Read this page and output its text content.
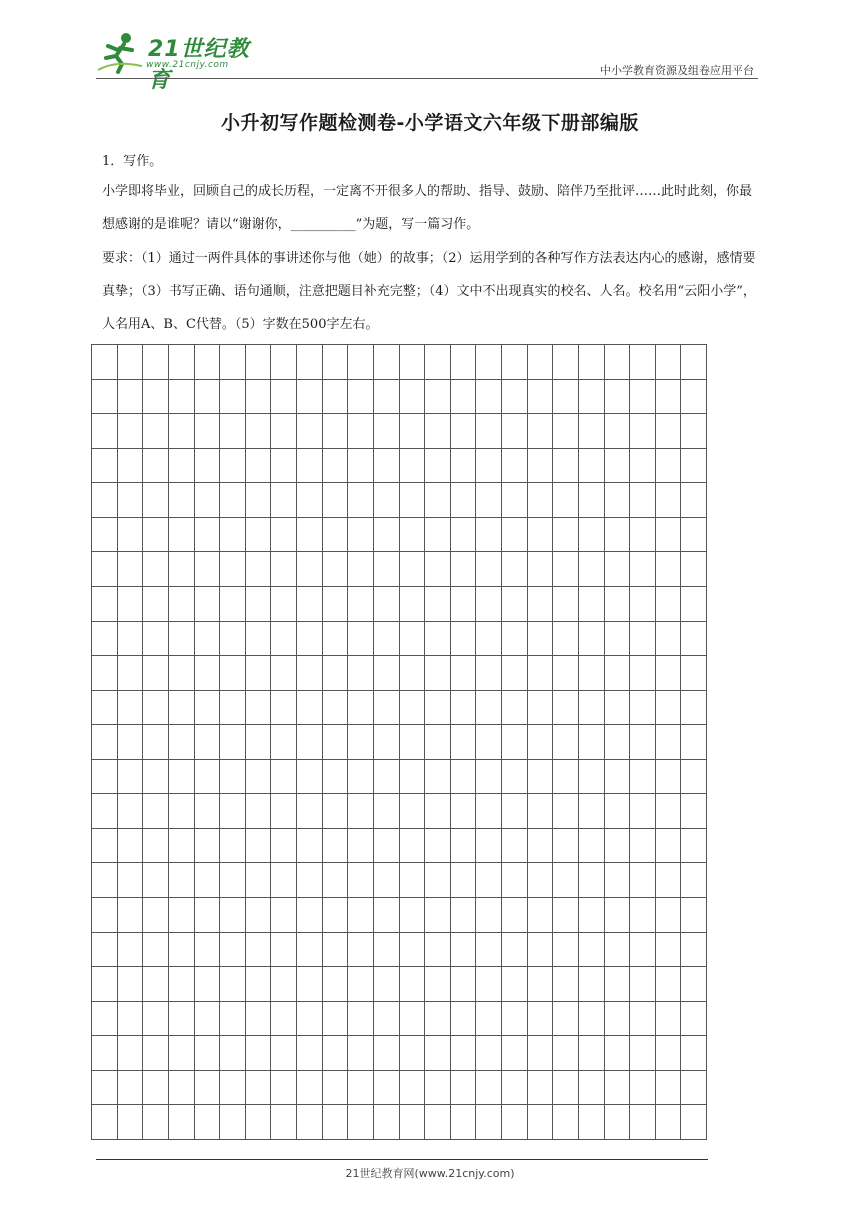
21世纪教育
www.21cnjy.com	中小学教育资源及组卷应用平台
小升初写作题检测卷-小学语文六年级下册部编版
1．写作。
小学即将毕业，回顾自己的成长历程，一定离不开很多人的帮助、指导、鼓励、陪伴乃至批评……此时此刻，你最想感谢的是谁呢？请以“谢谢你，__________”为题，写一篇习作。
要求：（1）通过一两件具体的事讲述你与他（她）的故事；（2）运用学到的各种写作方法表达内心的感谢，感情要真挚；（3）书写正确、语句通顺，注意把题目补充完整；（4）文中不出现真实的校名、人名。校名用“云阳小学”，人名用A、B、C代替。（5）字数在500字左右。
21世纪教育网(www.21cnjy.com)
